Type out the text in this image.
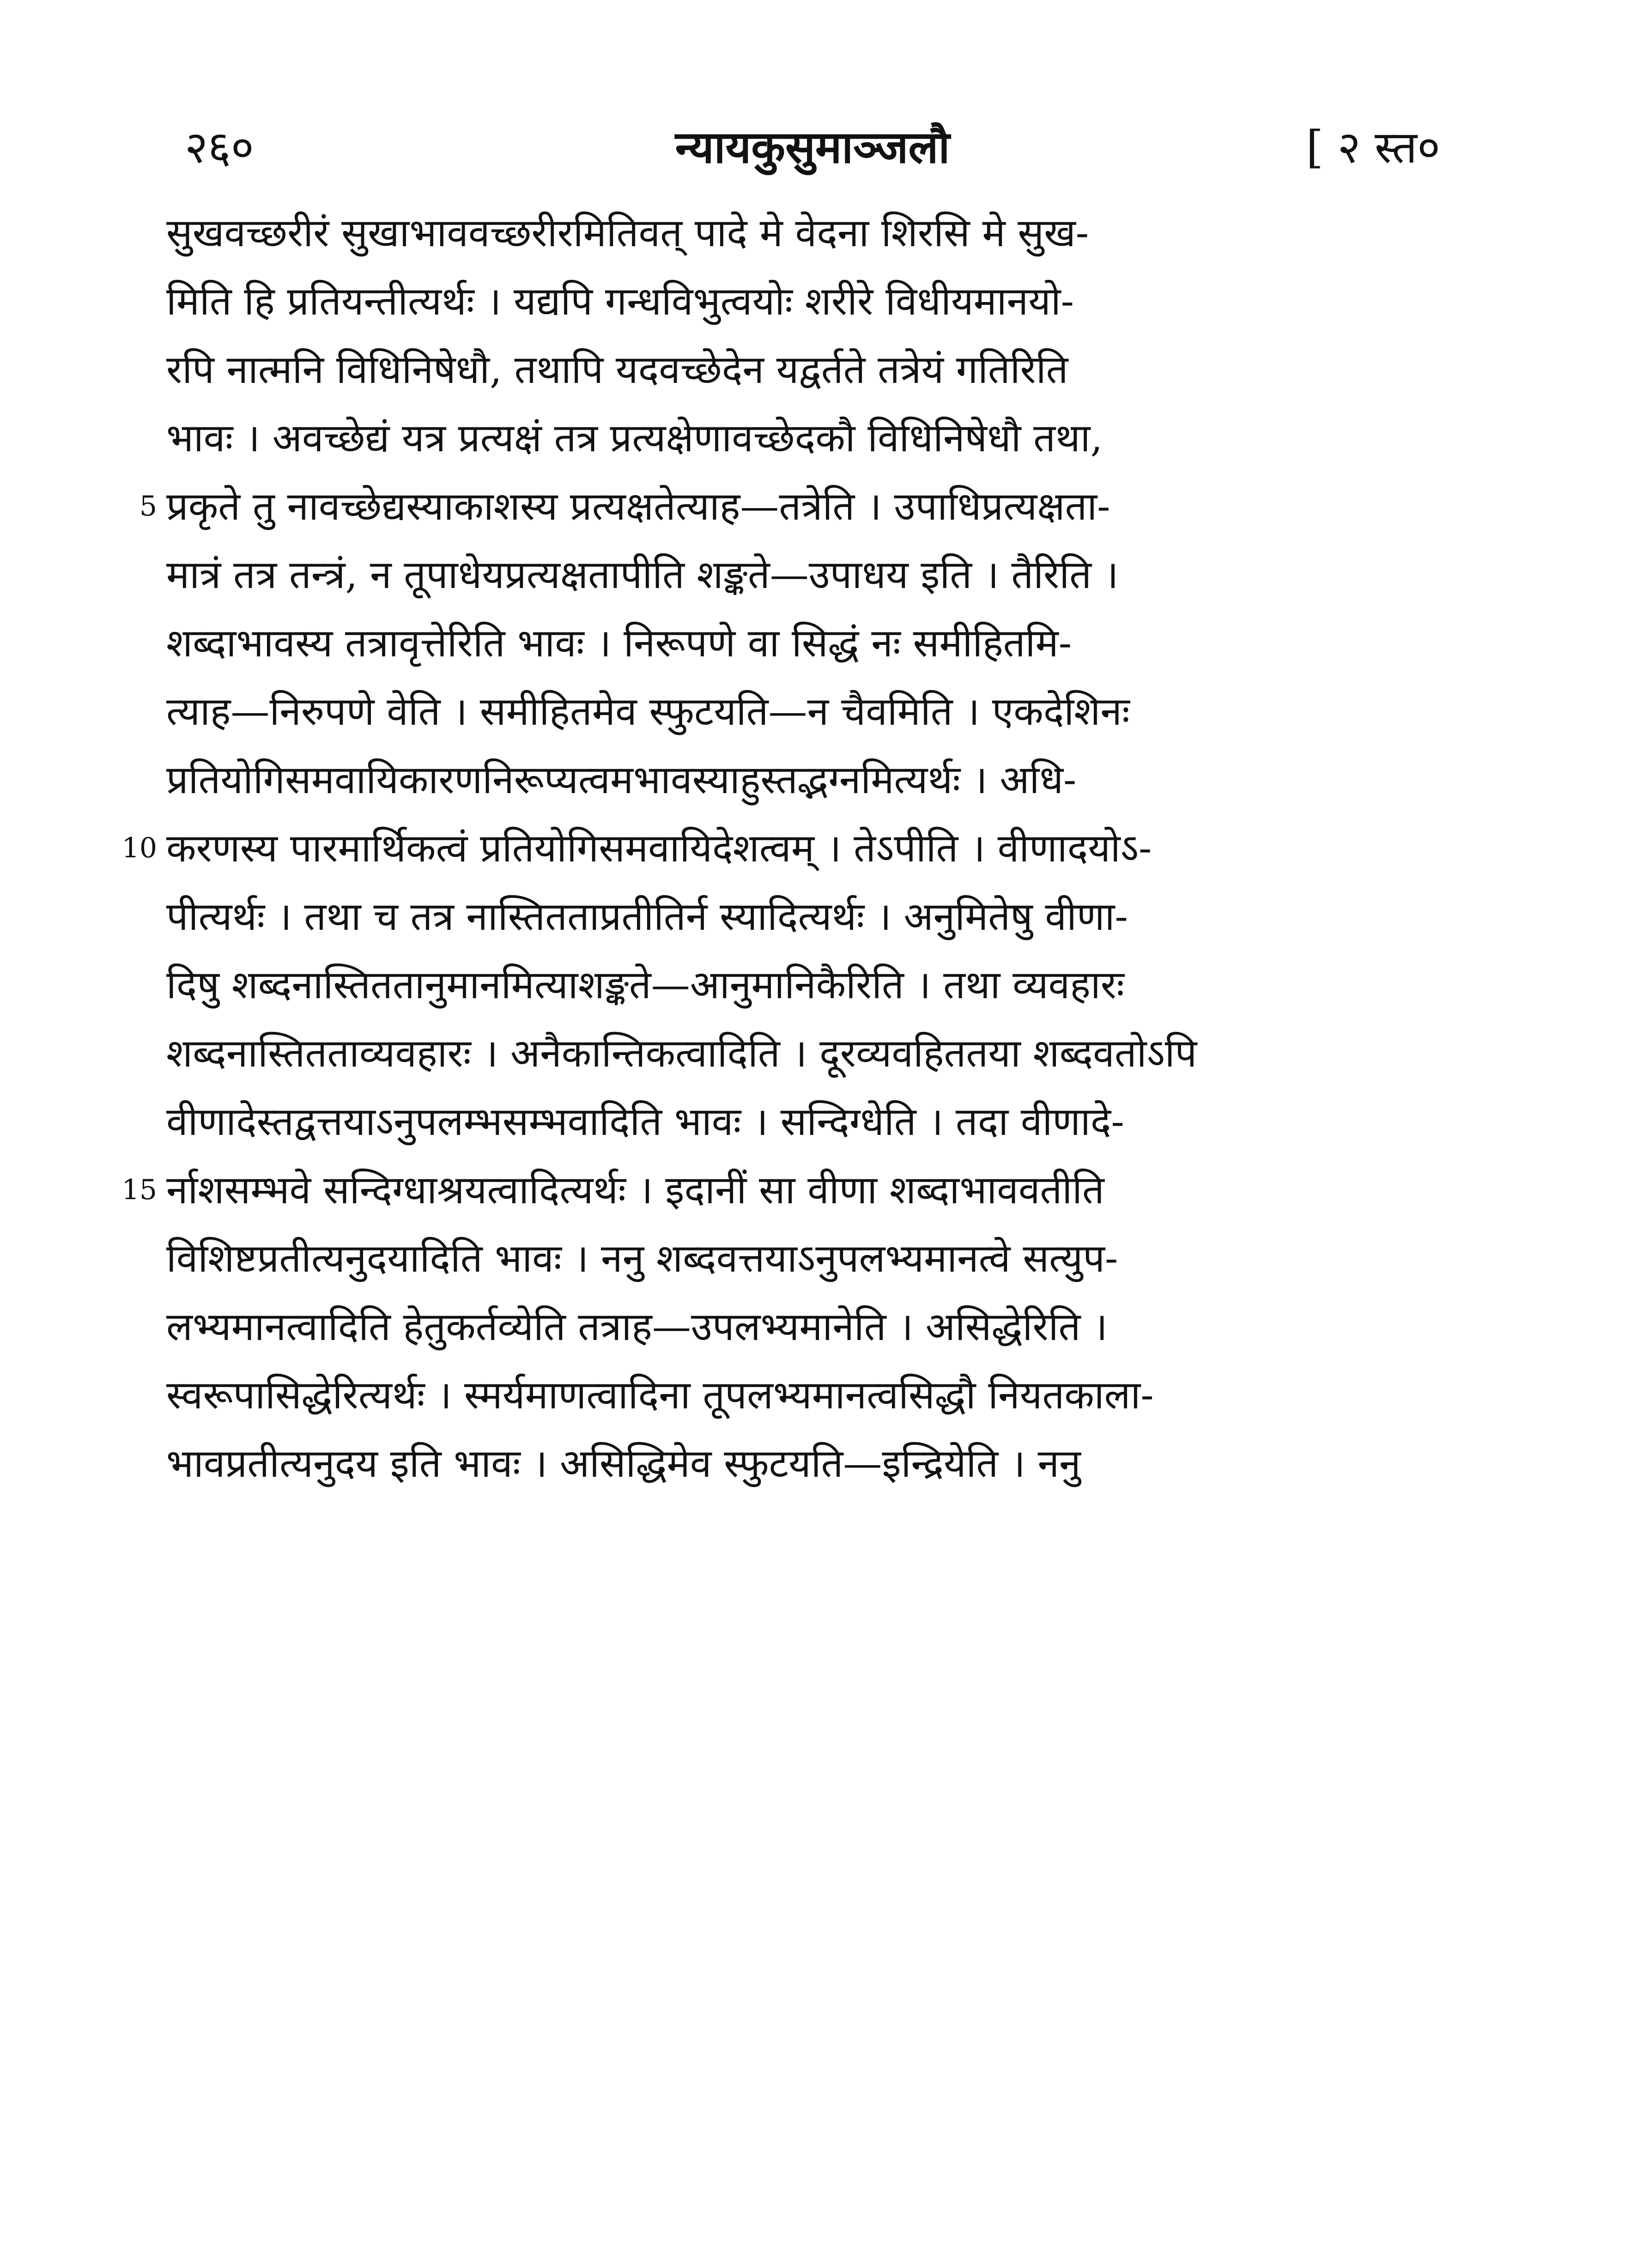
२६०	न्यायकुसुमाञ्जलौ	[ २ स्त०
सुखवच्छरीरं सुखाभाववच्छरीरमितिवत् पादे मे वेदना शिरसि मे सुख-
मिति हि प्रतियन्तीत्यर्थः । यद्यपि गन्धविभुत्वयोः शरीरे विधीयमानयो-
रपि नात्मनि विधिनिषेधौ, तथापि यदवच्छेदेन यद्वर्तते तत्रेयं गतिरिति
भावः । अवच्छेद्यं यत्र प्रत्यक्षं तत्र प्रत्यक्षेणावच्छेदकौ विधिनिषेधौ तथा,
5 प्रकृते तु नावच्छेद्यस्याकाशस्य प्रत्यक्षतेत्याह—तत्रेति । उपाधिप्रत्यक्षता-
मात्रं तत्र तन्त्रं, न तूपाधेयप्रत्यक्षतापीति शङ्कते—उपाधय इति । तैरिति ।
शब्दाभावस्य तत्रावृत्तेरिति भावः । निरूपणे वा सिद्धं नः समीहितमि-
त्याह—निरुपणे वेति । समीहितमेव स्फुटयति—न चैवमिति । एकदेशिनः
प्रतियोगिसमवायिकारणनिरूप्यत्वमभावस्याहुस्तद्भग्नमित्यर्थः । अधि-
10 करणस्य पारमार्थिकत्वं प्रतियोगिसमवायिदेशत्वम् । तेऽपीति । वीणादयोऽ-
पीत्यर्थः । तथा च तत्र नास्तितताप्रतीतिर्न स्यादित्यर्थः । अनुमितेषु वीणा-
दिषु शब्दनास्तिततानुमानमित्याशङ्कते—आनुमानिकैरिति । तथा व्यवहारः
शब्दनास्तितताव्यवहारः । अनैकान्तिकत्वादिति । दूरव्यवहिततया शब्दवतोऽपि
वीणादेस्तद्वत्तयाऽनुपलम्भसम्भवादिति भावः । सन्दिग्धेति । तदा वीणादे-
15 र्नाशसम्भवे सन्दिग्धाश्रयत्वादित्यर्थः । इदानीं सा वीणा शब्दाभाववतीति
विशिष्टप्रतीत्यनुदयादिति भावः । ननु शब्दवत्तयाऽनुपलभ्यमानत्वे सत्युप-
लभ्यमानत्वादिति हेतुकर्तव्येति तत्राह—उपलभ्यमानेति । असिद्धेरिति ।
स्वरूपासिद्धेरित्यर्थः । स्मर्यमाणत्वादिना तूपलभ्यमानत्वसिद्धौ नियतकाला-
भावप्रतीत्यनुदय इति भावः । असिद्धिमेव स्फुटयति—इन्द्रियेति । ननु
